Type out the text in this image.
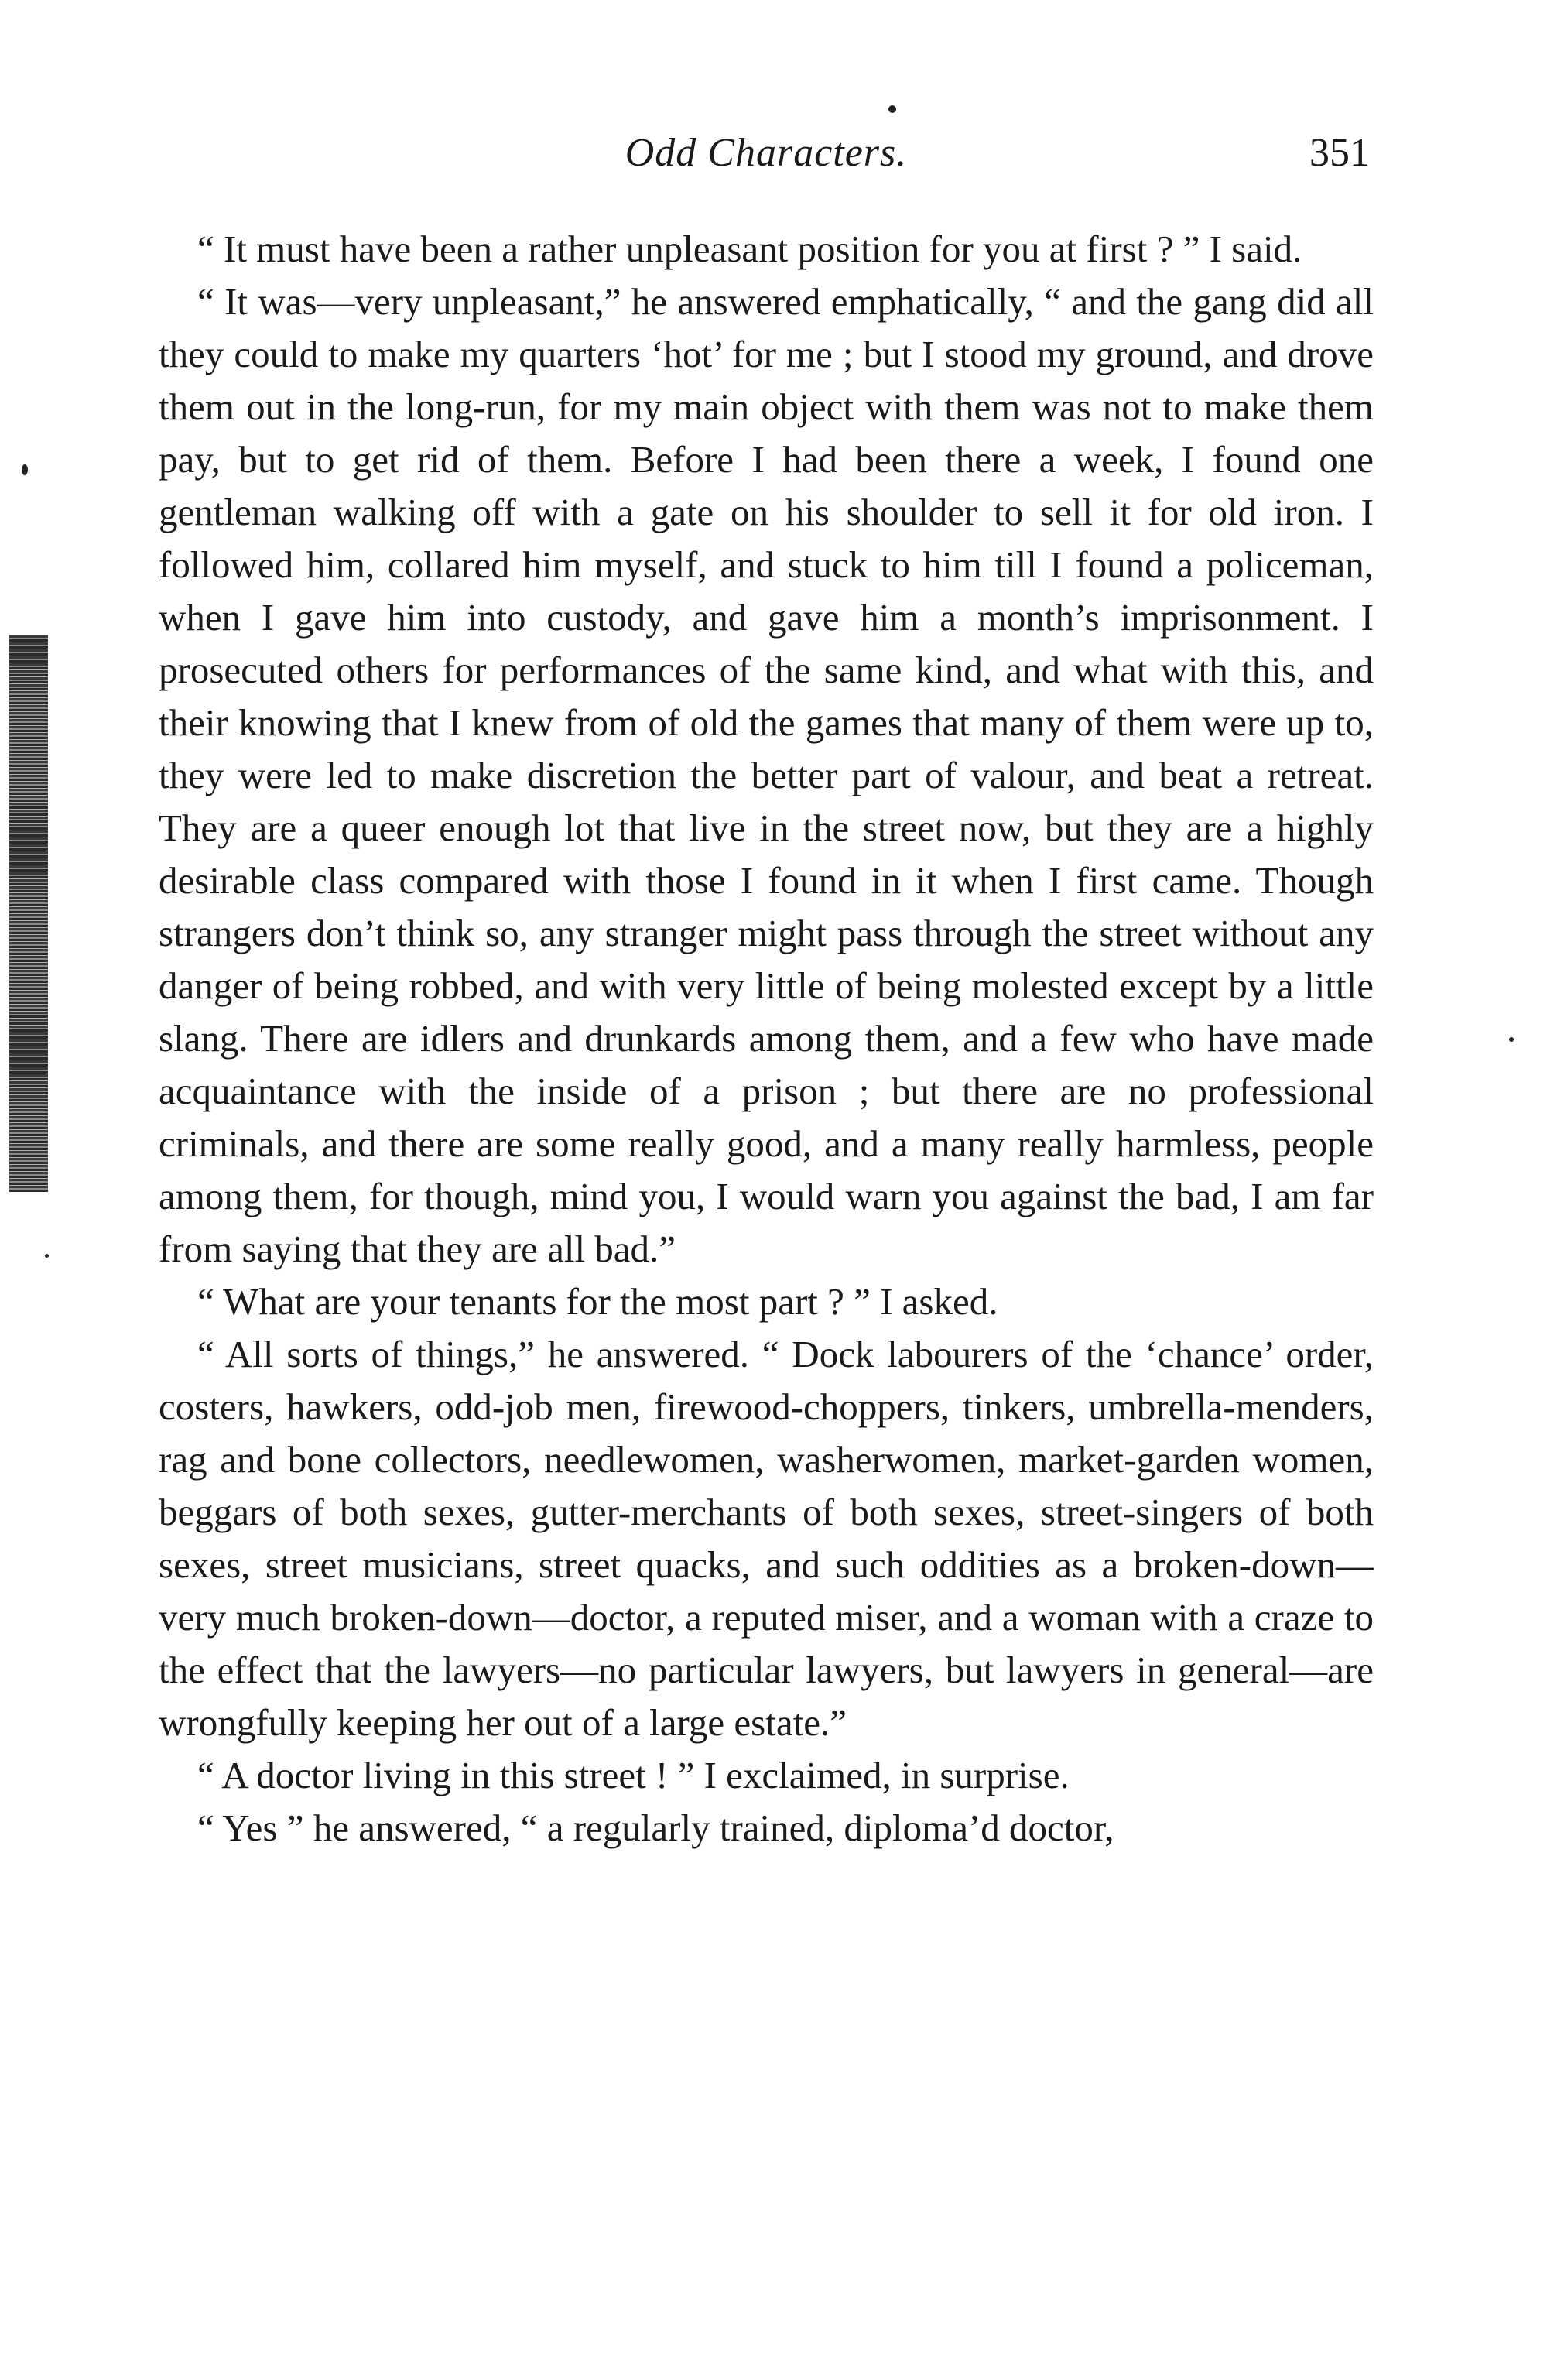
Odd Characters.	351

“ It must have been a rather unpleasant position for you at first ? ” I said.

“ It was—very unpleasant,” he answered emphatically, “ and the gang did all they could to make my quarters ‘hot’ for me ; but I stood my ground, and drove them out in the long-run, for my main object with them was not to make them pay, but to get rid of them. Before I had been there a week, I found one gentleman walking off with a gate on his shoulder to sell it for old iron. I followed him, collared him myself, and stuck to him till I found a policeman, when I gave him into custody, and gave him a month’s imprisonment. I prosecuted others for performances of the same kind, and what with this, and their knowing that I knew from of old the games that many of them were up to, they were led to make discretion the better part of valour, and beat a retreat. They are a queer enough lot that live in the street now, but they are a highly desirable class compared with those I found in it when I first came. Though strangers don’t think so, any stranger might pass through the street without any danger of being robbed, and with very little of being molested except by a little slang. There are idlers and drunkards among them, and a few who have made acquaintance with the inside of a prison ; but there are no professional criminals, and there are some really good, and a many really harmless, people among them, for though, mind you, I would warn you against the bad, I am far from saying that they are all bad.”

“ What are your tenants for the most part ? ” I asked.

“ All sorts of things,” he answered. “ Dock labourers of the ‘chance’ order, costers, hawkers, odd-job men, firewood-choppers, tinkers, umbrella-menders, rag and bone collectors, needlewomen, washerwomen, market-garden women, beggars of both sexes, gutter-merchants of both sexes, street-singers of both sexes, street musicians, street quacks, and such oddities as a broken-down— very much broken-down—doctor, a reputed miser, and a woman with a craze to the effect that the lawyers—no particular lawyers, but lawyers in general—are wrongfully keeping her out of a large estate.”

“ A doctor living in this street ! ” I exclaimed, in surprise.

“ Yes ” he answered, “ a regularly trained, diploma’d doctor,
